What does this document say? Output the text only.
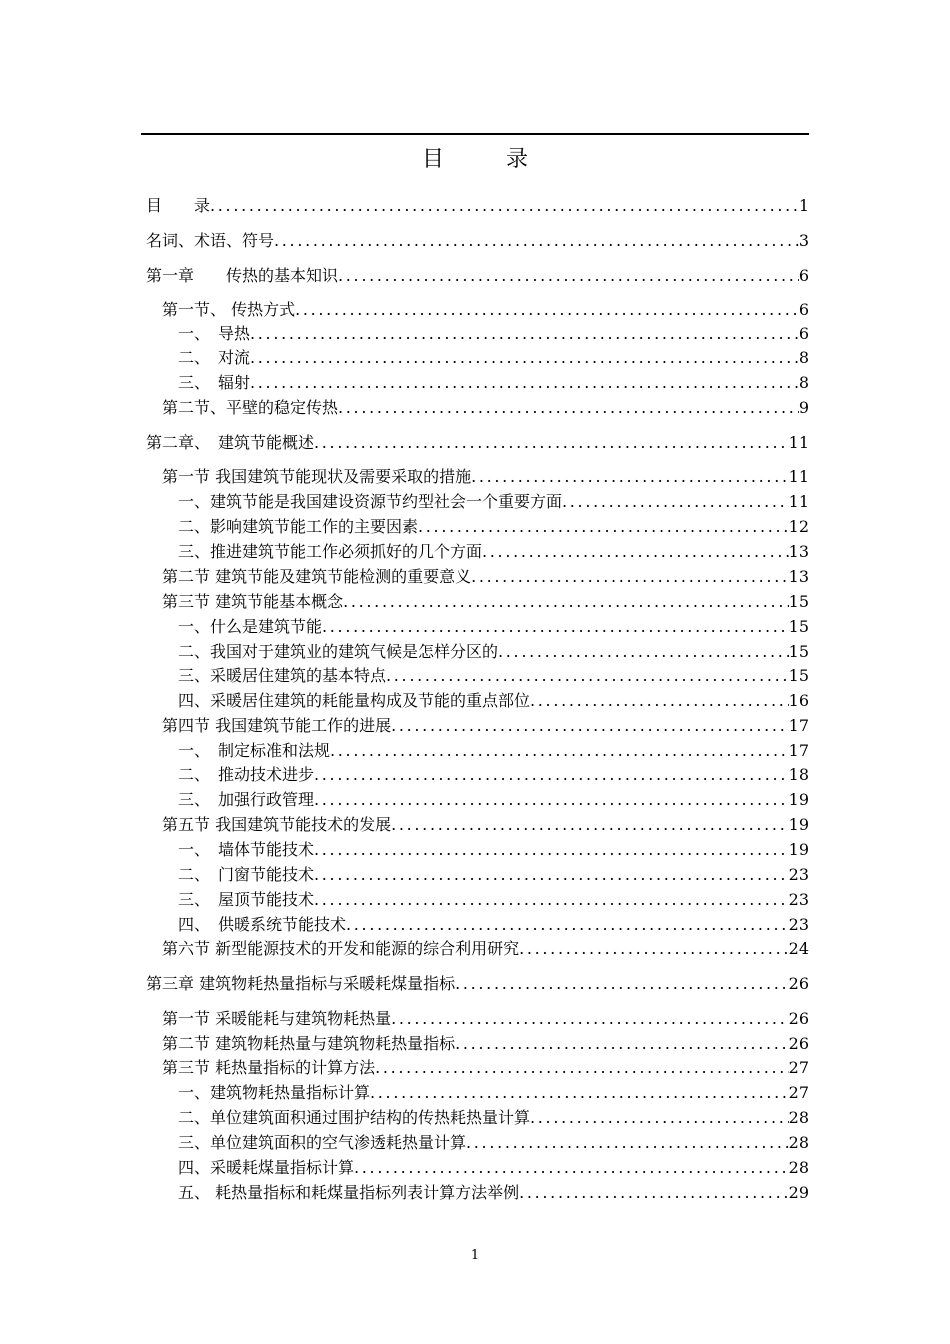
目	录
目　　录 . . .	1
名词、术语、符号 . . .	3
第一章　　传热的基本知识 . . .	6
第一节、 传热方式 . . .	6
一、　导热 . . .	6
二、　对流 . . .	8
三、　辐射 . . .	8
第二节、平壁的稳定传热 . . .	9
第二章、　建筑节能概述 . . .	11
第一节 我国建筑节能现状及需要采取的措施 . . .	11
一、建筑节能是我国建设资源节约型社会一个重要方面 . . .	11
二、影响建筑节能工作的主要因素 . . .	12
三、推进建筑节能工作必须抓好的几个方面 . . .	13
第二节 建筑节能及建筑节能检测的重要意义 . . .	13
第三节 建筑节能基本概念 . . .	15
一、什么是建筑节能 . . .	15
二、我国对于建筑业的建筑气候是怎样分区的 . . .	15
三、采暖居住建筑的基本特点 . . .	15
四、采暖居住建筑的耗能量构成及节能的重点部位 . . .	16
第四节 我国建筑节能工作的进展 . . .	17
一、　制定标准和法规 . . .	17
二、　推动技术进步 . . .	18
三、　加强行政管理 . . .	19
第五节 我国建筑节能技术的发展 . . .	19
一、　墙体节能技术 . . .	19
二、　门窗节能技术 . . .	23
三、　屋顶节能技术 . . .	23
四、　供暖系统节能技术 . . .	23
第六节 新型能源技术的开发和能源的综合利用研究 . . .	24
第三章 建筑物耗热量指标与采暖耗煤量指标 . . .	26
第一节 采暖能耗与建筑物耗热量 . . .	26
第二节 建筑物耗热量与建筑物耗热量指标 . . .	26
第三节 耗热量指标的计算方法 . . .	27
一、建筑物耗热量指标计算 . . .	27
二、单位建筑面积通过围护结构的传热耗热量计算 . . .	28
三、单位建筑面积的空气渗透耗热量计算 . . .	28
四、采暖耗煤量指标计算 . . .	28
五、 耗热量指标和耗煤量指标列表计算方法举例 . . .	29
1
